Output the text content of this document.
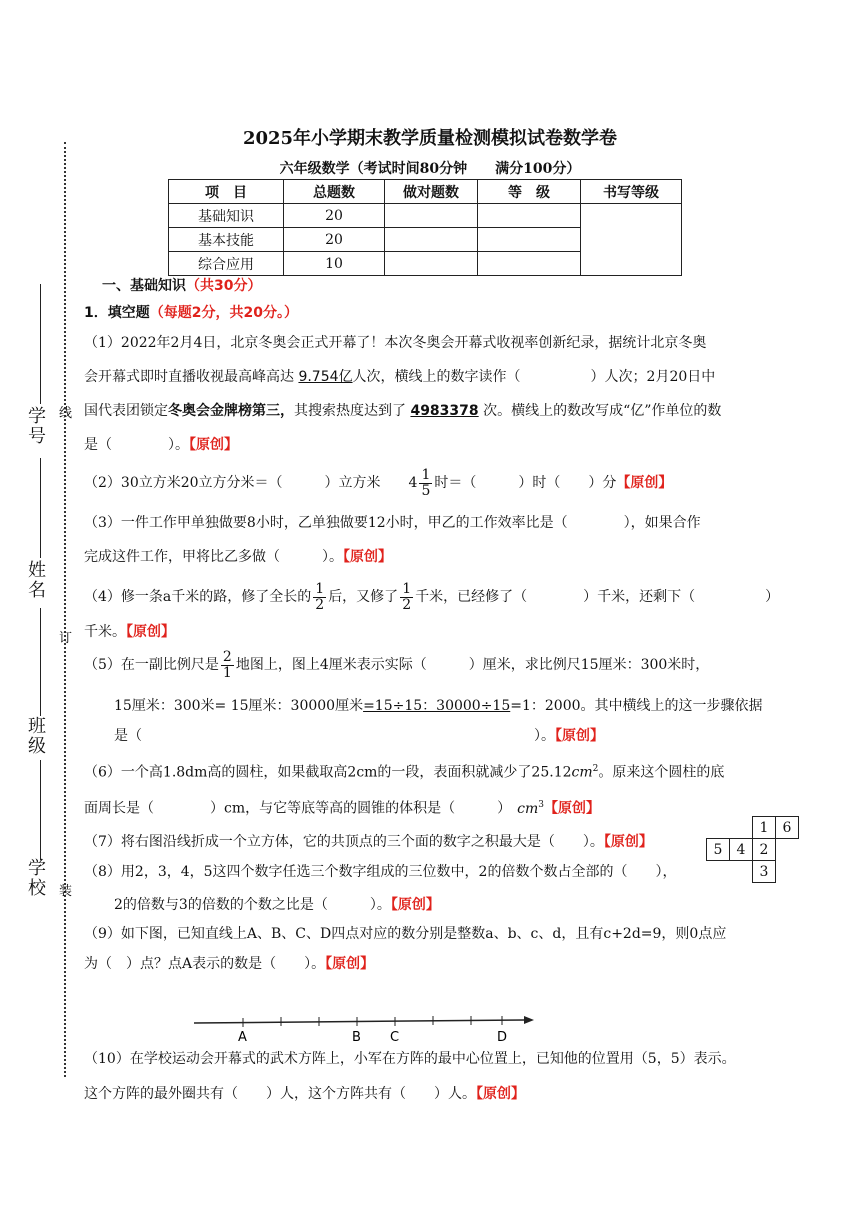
线
订
装
学号
姓名
班级
学校
2025年小学期末教学质量检测模拟试卷数学卷
六年级数学（考试时间80分钟　　满分100分）
项　目	总题数	做对题数	等　级	书写等级
基础知识	20			
基本技能	20			
综合应用	10			
一、基础知识（共30分）
1．填空题（每题2分，共20分。）
（1）2022年2月4日，北京冬奥会正式开幕了！本次冬奥会开幕式收视率创新纪录，据统计北京冬奥
会开幕式即时直播收视最高峰高达 9.754亿人次，横线上的数字读作（　　　　　）人次；2月20日中
国代表团锁定冬奥会金牌榜第三，其搜索热度达到了 4983378 次。横线上的数改写成“亿”作单位的数
是（　　　　）。【原创】
（2）30立方米20立方分米＝（　　　）立方米　　$4 \frac{1}{5}$ 时＝（　　　）时（　　）分【原创】
（3）一件工作甲单独做要8小时，乙单独做要12小时，甲乙的工作效率比是（　　　　），如果合作
完成这件工作，甲将比乙多做（　　　）。【原创】
（4）修一条a千米的路，修了全长的 $\frac{1}{2}$ 后，又修了 $\frac{1}{2}$ 千米，已经修了（　　　　）千米，还剩下（　　　　　）
千米。【原创】
（5）在一副比例尺是 $\frac{2}{1}$ 地图上，图上4厘米表示实际（　　　）厘米，求比例尺15厘米：300米时，
15厘米：300米= 15厘米：30000厘米=15÷15：30000÷15=1：2000。其中横线上的这一步骤依据
是（　　　　　　　　　　　　　　　　　　　　　　　　　　　　）。【原创】
（6）一个高1.8dm高的圆柱，如果截取高2cm的一段，表面积就减少了$25.12cm^2$。原来这个圆柱的底
面周长是（　　　　）cm，与它等底等高的圆锥的体积是（　　　） $cm^3$【原创】
（7）将右图沿线折成一个立方体，它的共顶点的三个面的数字之积最大是（　　）。【原创】
		1	6
5	4	2	
		3	
（8）用2，3，4，5这四个数字任选三个数字组成的三位数中，2的倍数个数占全部的（　　），
2的倍数与3的倍数的个数之比是（　　　）。【原创】
（9）如下图，已知直线上A、B、C、D四点对应的数分别是整数a、b、c、d，且有c+2d=9，则0点应
为（　）点？点A表示的数是（　　）。【原创】
A	B C	D
（10）在学校运动会开幕式的武术方阵上，小军在方阵的最中心位置上，已知他的位置用（5，5）表示。
这个方阵的最外圈共有（　　）人，这个方阵共有（　　）人。【原创】
